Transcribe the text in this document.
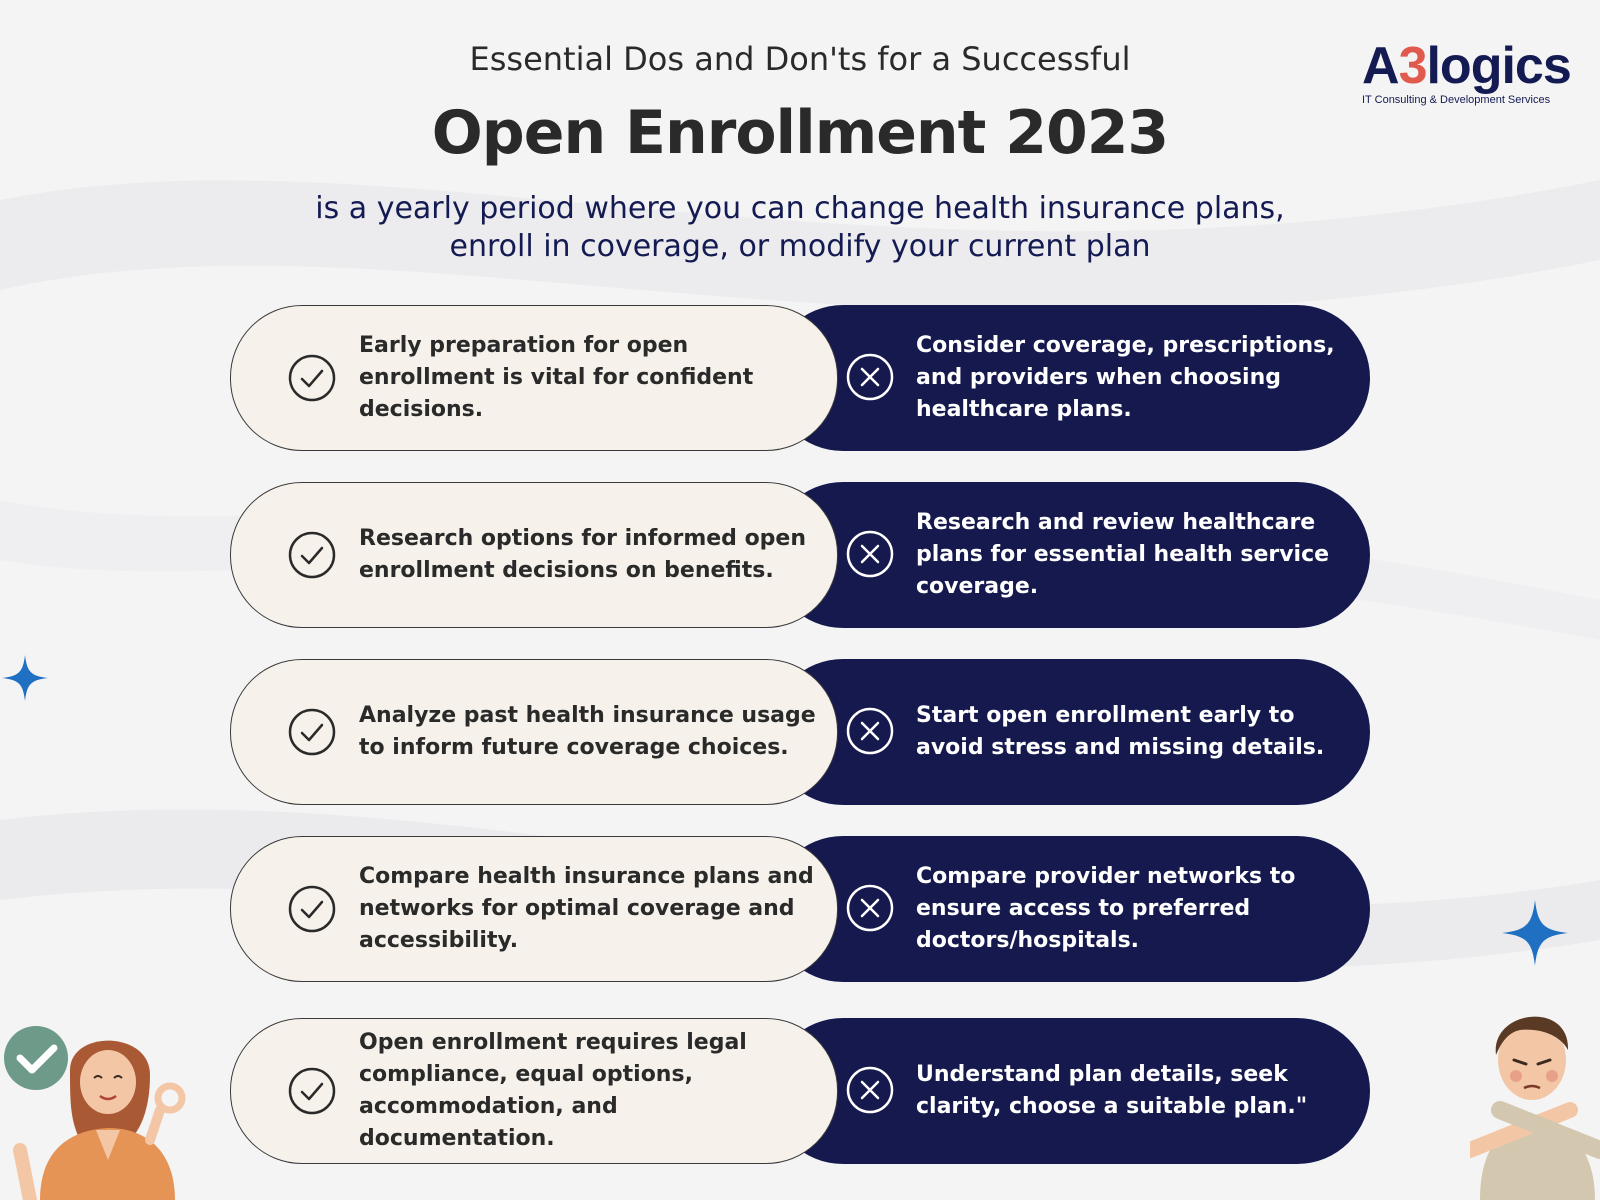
Essential Dos and Don'ts for a Successful
Open Enrollment 2023
is a yearly period where you can change health insurance plans,
enroll in coverage, or modify your current plan
A3logics
IT Consulting & Development Services
Early preparation for open enrollment is vital for confident decisions.
Consider coverage, prescriptions, and providers when choosing healthcare plans.
Research options for informed open enrollment decisions on benefits.
Research and review healthcare plans for essential health service coverage.
Analyze past health insurance usage to inform future coverage choices.
Start open enrollment early to avoid stress and missing details.
Compare health insurance plans and networks for optimal coverage and accessibility.
Compare provider networks to ensure access to preferred doctors/hospitals.
Open enrollment requires legal compliance, equal options, accommodation, and documentation.
Understand plan details, seek clarity, choose a suitable plan."
